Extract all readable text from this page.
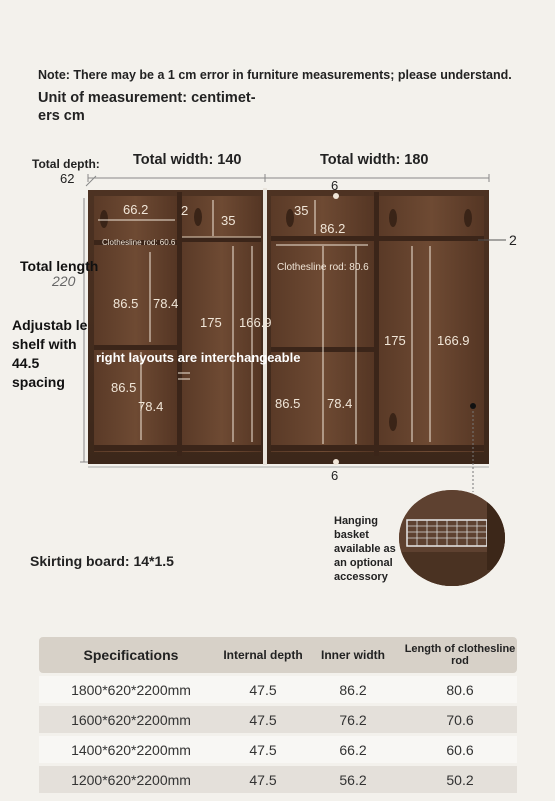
Note: There may be a 1 cm error in furniture measurements; please understand.
Unit of measurement: centimet- ers cm
Total depth:
62
Total width: 140	Total width: 180
66.2	2
35
Clothesline rod: 60.6
86.5 78.4
86.5
78.4
175 166.9
35
86.2
Clothesline rod: 80.6
86.5 78.4
175 166.9
6
6
2
Total length
220
Adjustab le shelf with 44.5 spacing
right layouts are interchangeable
Hanging basket available as an optional accessory
Skirting board: 14*1.5
Specifications	Internal depth	Inner width	Length of clothesline rod
1800*620*2200mm	47.5	86.2	80.6
1600*620*2200mm	47.5	76.2	70.6
1400*620*2200mm	47.5	66.2	60.6
1200*620*2200mm	47.5	56.2	50.2
